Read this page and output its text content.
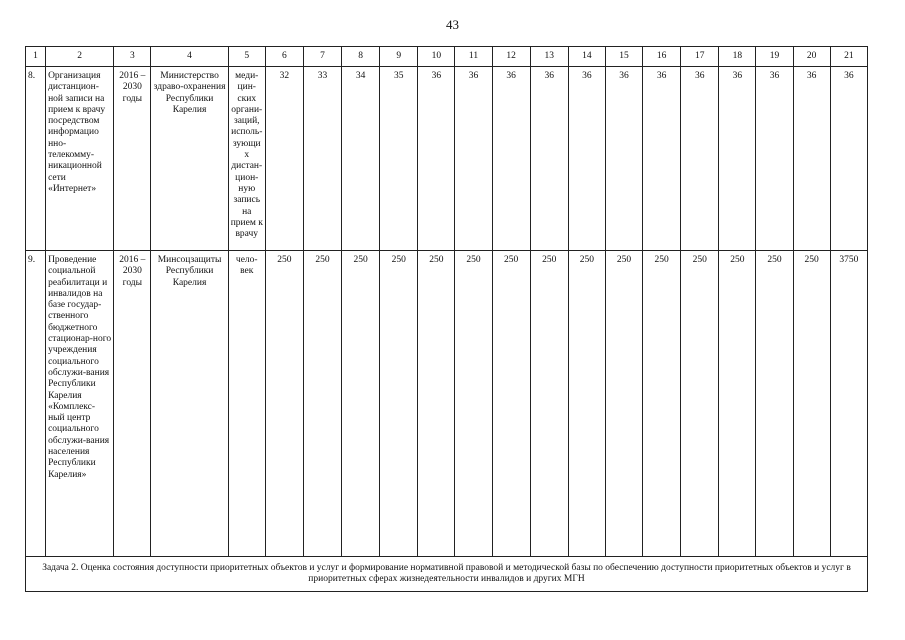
43
1	2	3	4	5	6	7	8	9	10	11	12	13	14	15	16	17	18	19	20	21
8.	Организация дистанцион-ной записи на прием к врачу посредством информацио нно-телекомму-никационной сети «Интернет»	2016 – 2030 годы	Министерство здраво-охранения Республики Карелия	меди-цин-ских органи-заций, исполь-зующих дистан-цион-ную запись на прием к врачу	32	33	34	35	36	36	36	36	36	36	36	36	36	36	36	36
9.	Проведение социальной реабилитаци и инвалидов на базе государ-ственного бюджетного стационар-ного учреждения социального обслужи-вания Республики Карелия «Комплекс-ный центр социального обслужи-вания населения Республики Карелия»	2016 – 2030 годы	Минсоцзащиты Республики Карелия	чело-век	250	250	250	250	250	250	250	250	250	250	250	250	250	250	250	3750
Задача 2. Оценка состояния доступности приоритетных объектов и услуг и формирование нормативной правовой и методической базы по обеспечению доступности приоритетных объектов и услуг в приоритетных сферах жизнедеятельности инвалидов и других МГН																				
